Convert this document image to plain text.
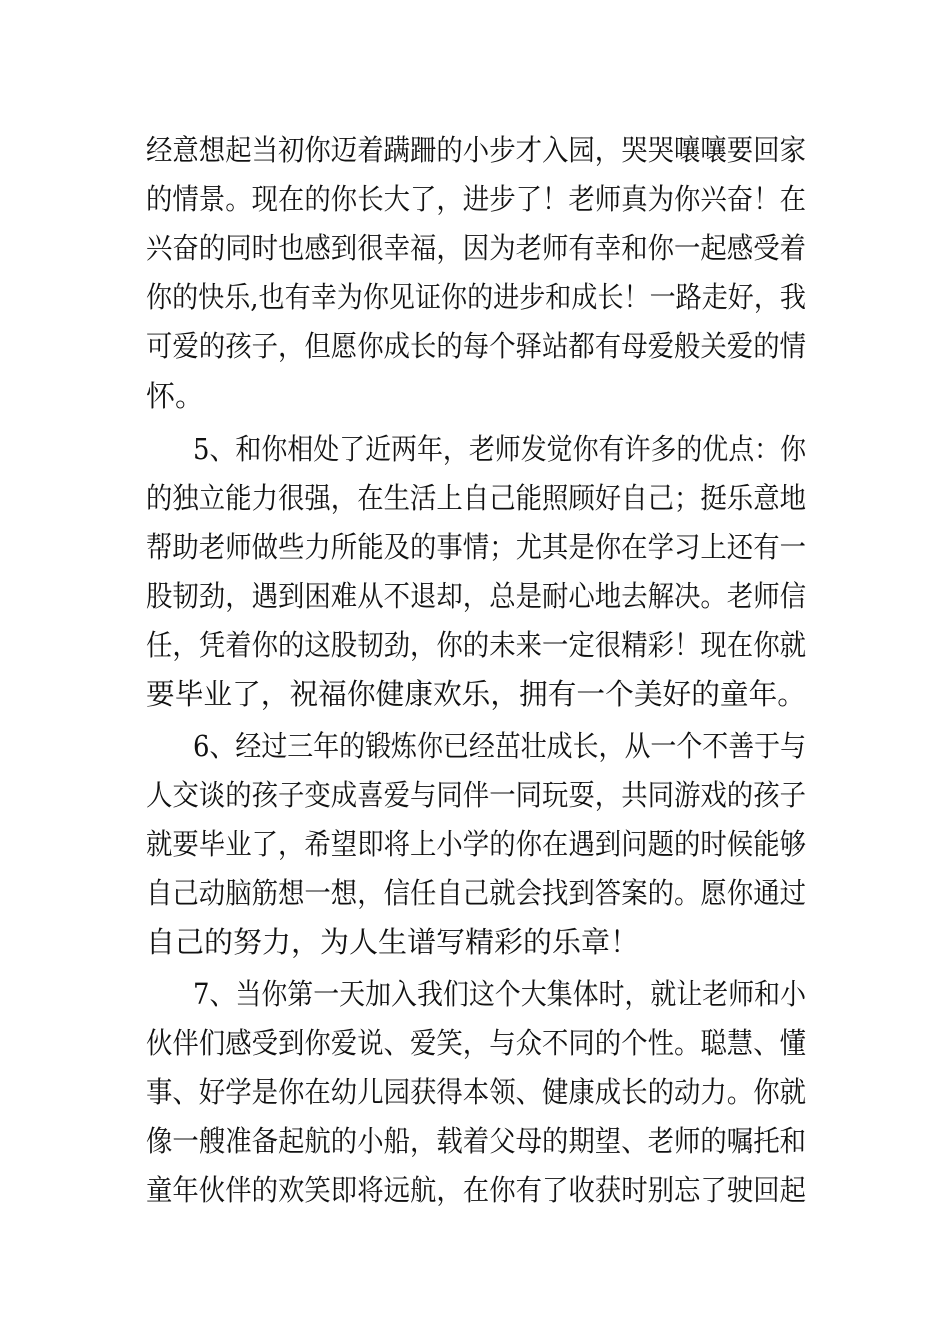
经意想起当初你迈着蹒跚的小步才入园，哭哭嚷嚷要回家
的情景。现在的你长大了，进步了！老师真为你兴奋！在
兴奋的同时也感到很幸福，因为老师有幸和你一起感受着
你的快乐,也有幸为你见证你的进步和成长！一路走好，我
可爱的孩子，但愿你成长的每个驿站都有母爱般关爱的情
怀。
5、和你相处了近两年，老师发觉你有许多的优点：你
的独立能力很强，在生活上自己能照顾好自己；挺乐意地
帮助老师做些力所能及的事情；尤其是你在学习上还有一
股韧劲，遇到困难从不退却，总是耐心地去解决。老师信
任，凭着你的这股韧劲，你的未来一定很精彩！现在你就
要毕业了，祝福你健康欢乐，拥有一个美好的童年。
6、经过三年的锻炼你已经茁壮成长，从一个不善于与
人交谈的孩子变成喜爱与同伴一同玩耍，共同游戏的孩子
就要毕业了，希望即将上小学的你在遇到问题的时候能够
自己动脑筋想一想，信任自己就会找到答案的。愿你通过
自己的努力，为人生谱写精彩的乐章！
7、当你第一天加入我们这个大集体时，就让老师和小
伙伴们感受到你爱说、爱笑，与众不同的个性。聪慧、懂
事、好学是你在幼儿园获得本领、健康成长的动力。你就
像一艘准备起航的小船，载着父母的期望、老师的嘱托和
童年伙伴的欢笑即将远航，在你有了收获时别忘了驶回起
